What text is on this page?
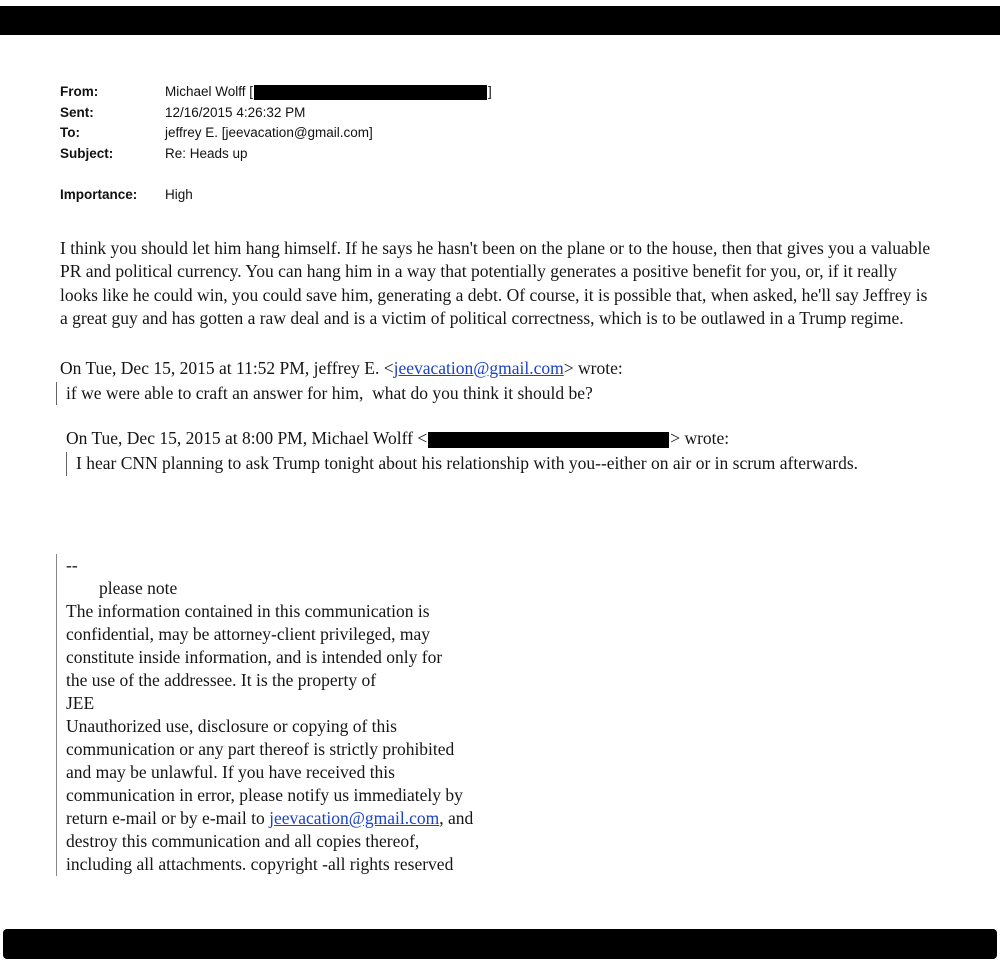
From:	Michael Wolff [	]
Sent:	12/16/2015 4:26:32 PM
To:	jeffrey E. [jeevacation@gmail.com]
Subject:	Re: Heads up
Importance: High
I think you should let him hang himself. If he says he hasn't been on the plane or to the house, then that gives you a valuable PR and political currency. You can hang him in a way that potentially generates a positive benefit for you, or, if it really looks like he could win, you could save him, generating a debt. Of course, it is possible that, when asked, he'll say Jeffrey is a great guy and has gotten a raw deal and is a victim of political correctness, which is to be outlawed in a Trump regime.
On Tue, Dec 15, 2015 at 11:52 PM, jeffrey E. <jeevacation@gmail.com> wrote:
if we were able to craft an answer for him,  what do you think it should be?
On Tue, Dec 15, 2015 at 8:00 PM, Michael Wolff <	> wrote:
I hear CNN planning to ask Trump tonight about his relationship with you--either on air or in scrum afterwards.
--
please note
The information contained in this communication is
confidential, may be attorney-client privileged, may
constitute inside information, and is intended only for
the use of the addressee. It is the property of
JEE
Unauthorized use, disclosure or copying of this
communication or any part thereof is strictly prohibited
and may be unlawful. If you have received this
communication in error, please notify us immediately by
return e-mail or by e-mail to jeevacation@gmail.com, and
destroy this communication and all copies thereof,
including all attachments. copyright -all rights reserved
